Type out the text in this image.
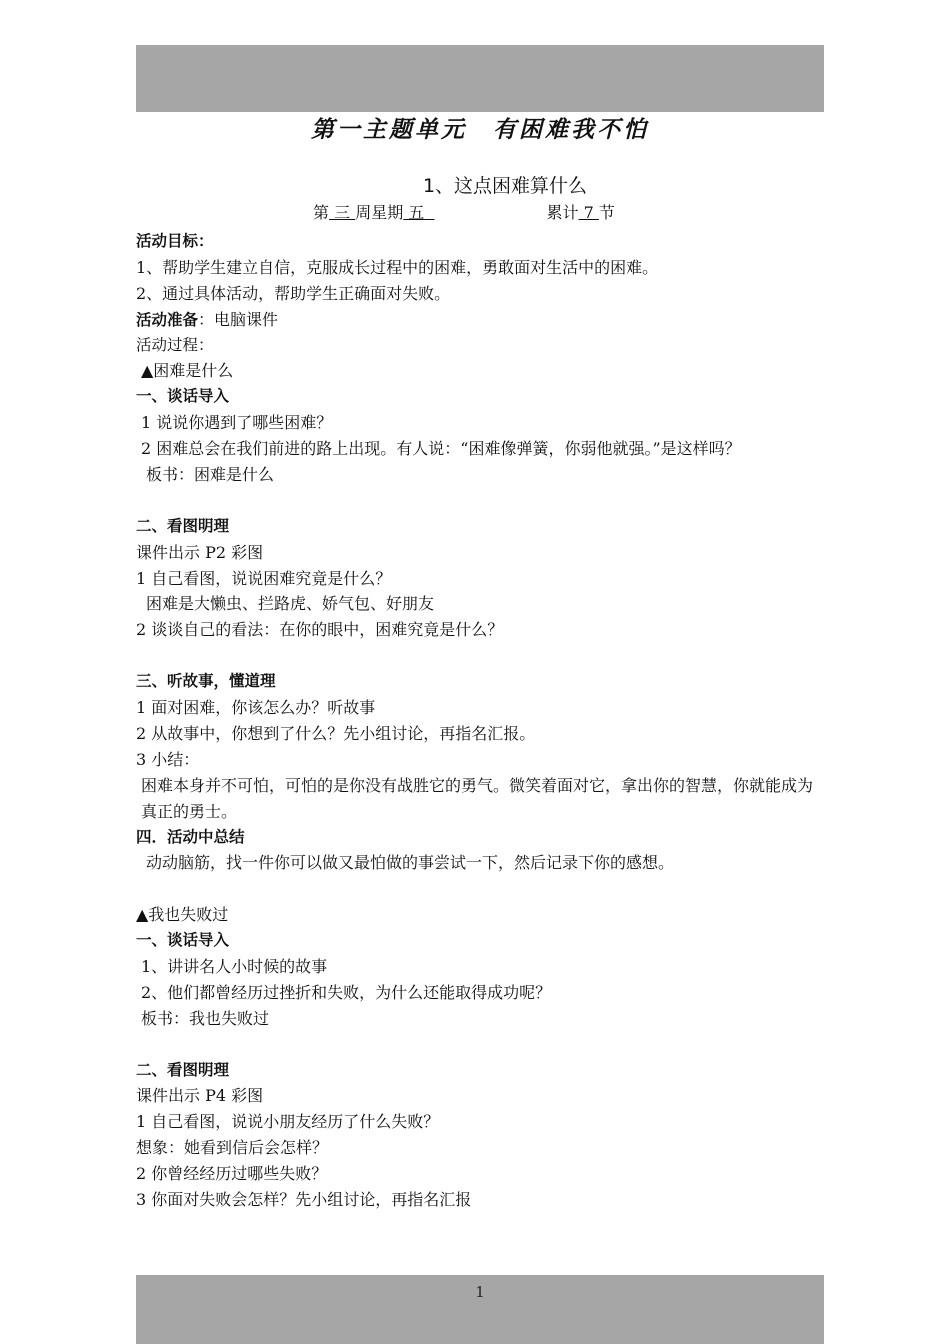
第一主题单元　有困难我不怕
1、这点困难算什么
第 三 周星期 五	累计 7 节
活动目标：
1、帮助学生建立自信，克服成长过程中的困难，勇敢面对生活中的困难。
2、通过具体活动，帮助学生正确面对失败。
活动准备：电脑课件
活动过程：
▲困难是什么
一、谈话导入
1 说说你遇到了哪些困难？
2 困难总会在我们前进的路上出现。有人说：“困难像弹簧，你弱他就强。”是这样吗？
板书：困难是什么
二、看图明理
课件出示 P2 彩图
1 自己看图，说说困难究竟是什么？
困难是大懒虫、拦路虎、娇气包、好朋友
2 谈谈自己的看法：在你的眼中，困难究竟是什么？
三、听故事，懂道理
1 面对困难，你该怎么办？听故事
2 从故事中，你想到了什么？先小组讨论，再指名汇报。
3 小结：
困难本身并不可怕，可怕的是你没有战胜它的勇气。微笑着面对它，拿出你的智慧，你就能成为真正的勇士。
四．活动中总结
动动脑筋，找一件你可以做又最怕做的事尝试一下，然后记录下你的感想。
▲我也失败过
一、谈话导入
1、讲讲名人小时候的故事
2、他们都曾经历过挫折和失败，为什么还能取得成功呢？
板书：我也失败过
二、看图明理
课件出示 P4 彩图
1 自己看图，说说小朋友经历了什么失败？
想象：她看到信后会怎样？
2 你曾经经历过哪些失败？
3 你面对失败会怎样？先小组讨论，再指名汇报
1
